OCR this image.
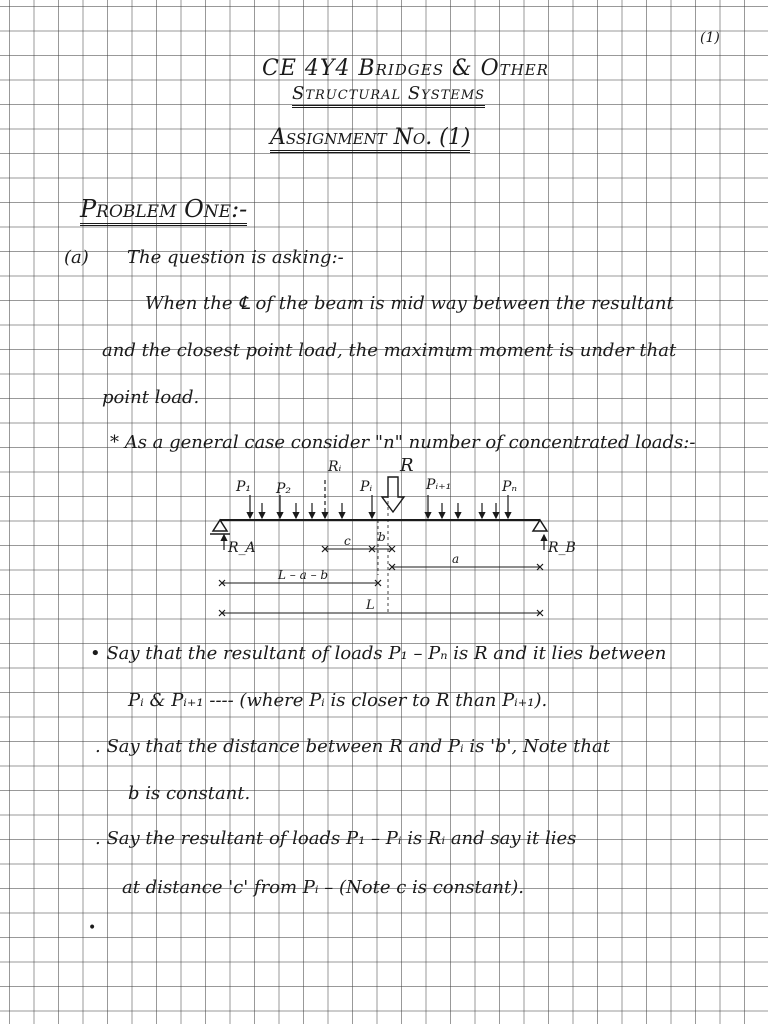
(1)
CE 4Y4 Bridges & Other
Structural Systems
Assignment No. (1)
Problem One:-
(a) The question is asking:-
When the ℄ of the beam is mid way between the resultant
and the closest point load, the maximum moment is under that
point load.
* As a general case consider "n" number of concentrated loads:-
P₁ P₂
Rᵢ
Pᵢ
R
Pᵢ₊₁	Pₙ
R_A	R_B
c b
a
L – a – b
L
• Say that the resultant of loads P₁ – Pₙ is R and it lies between
Pᵢ & Pᵢ₊₁ ---- (where Pᵢ is closer to R than Pᵢ₊₁).
. Say that the distance between R and Pᵢ is 'b', Note that
b is constant.
. Say the resultant of loads P₁ – Pᵢ is Rᵢ and say it lies
at distance 'c' from Pᵢ – (Note c is constant).
•
